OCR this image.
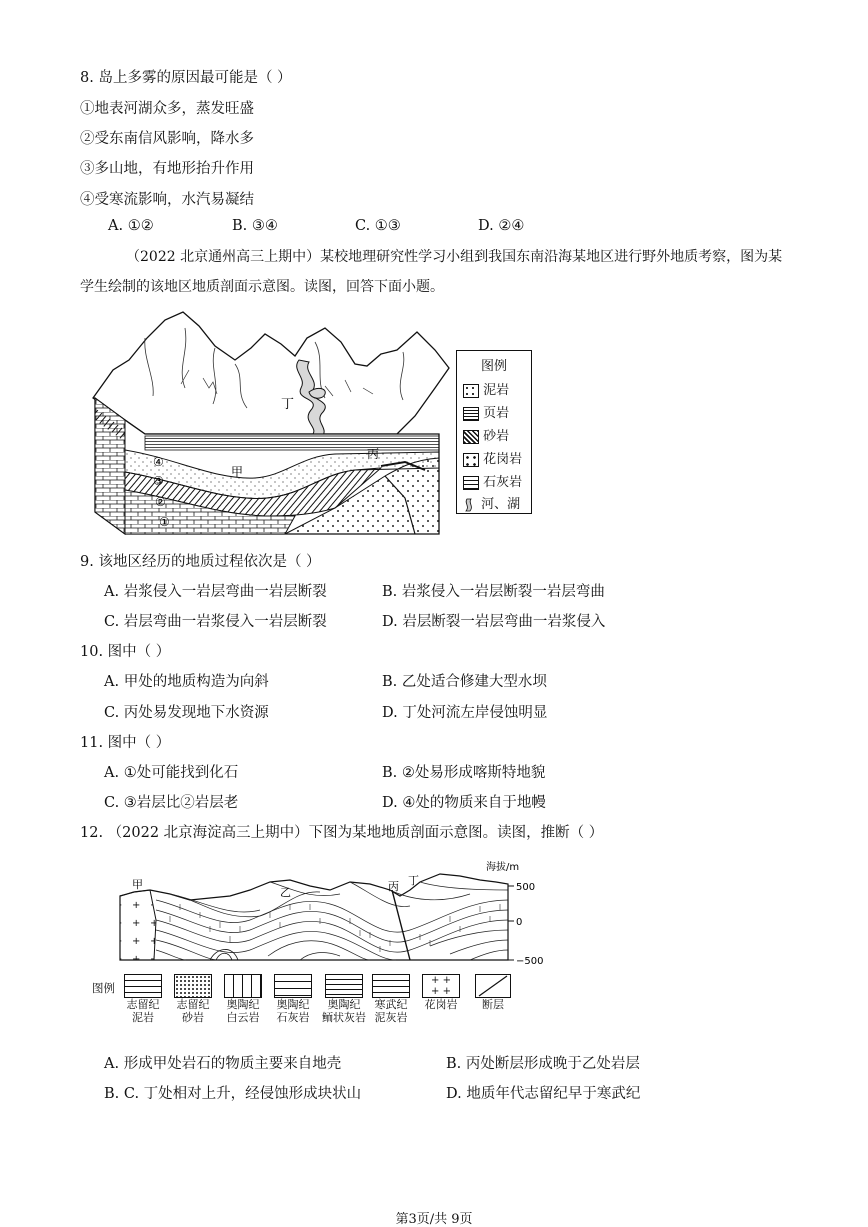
8. 岛上多雾的原因最可能是（ ）
①地表河湖众多，蒸发旺盛
②受东南信风影响，降水多
③多山地，有地形抬升作用
④受寒流影响，水汽易凝结
A. ①②	B. ③④	C. ①③	D. ②④
（2022 北京通州高三上期中）某校地理研究性学习小组到我国东南沿海某地区进行野外地质考察，图为某学生绘制的该地区地质剖面示意图。读图，回答下面小题。
丁
甲
丙
④
③
②
①
图例
泥岩
页岩
砂岩
花岗岩
石灰岩
河、湖
9. 该地区经历的地质过程依次是（ ）
A. 岩浆侵入一岩层弯曲一岩层断裂	B. 岩浆侵入一岩层断裂一岩层弯曲
C. 岩层弯曲一岩浆侵入一岩层断裂	D. 岩层断裂一岩层弯曲一岩浆侵入
10. 图中（ ）
A. 甲处的地质构造为向斜	B. 乙处适合修建大型水坝
C. 丙处易发现地下水资源	D. 丁处河流左岸侵蚀明显
11. 图中（ ）
A. ①处可能找到化石	B. ②处易形成喀斯特地貌
C. ③岩层比②岩层老	D. ④处的物质来自于地幔
12. （2022 北京海淀高三上期中）下图为某地地质剖面示意图。读图，推断（ ）
甲
乙	丙 丁
海拔/m
500
0
−500
图例
志留纪
泥岩
志留纪
砂岩
奥陶纪
白云岩
奥陶纪
石灰岩
奥陶纪
鲕状灰岩
寒武纪
泥灰岩
+ +
+ +
花岗岩	断层
A. 形成甲处岩石的物质主要来自地壳	B. 丙处断层形成晚于乙处岩层
B. C. 丁处相对上升，经侵蚀形成块状山	D. 地质年代志留纪早于寒武纪
第3页/共 9页
